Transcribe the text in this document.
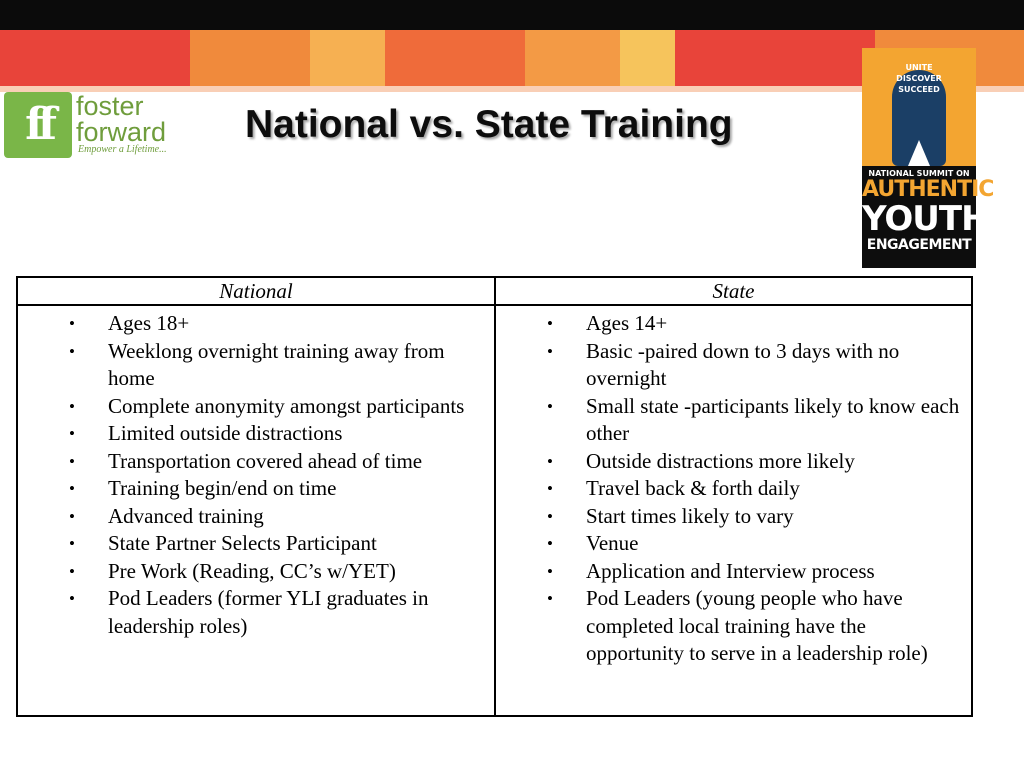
ff foster
forward
Empower a Lifetime...
National vs. State Training
UNITE
DISCOVER
SUCCEED
NATIONAL SUMMIT ON
AUTHENTIC
YOUTH
ENGAGEMENT
National
• Ages 18+
• Weeklong overnight training away from home
• Complete anonymity amongst participants
• Limited outside distractions
• Transportation covered ahead of time
• Training begin/end on time
• Advanced training
• State Partner Selects Participant
• Pre Work (Reading, CC’s w/YET)
• Pod Leaders (former YLI graduates in leadership roles)
State
• Ages 14+
• Basic -paired down to 3 days with no overnight
• Small state -participants likely to know each other
• Outside distractions more likely
• Travel back & forth daily
• Start times likely to vary
• Venue
• Application and Interview process
• Pod Leaders (young people who have completed local training have the opportunity to serve in a leadership role)
